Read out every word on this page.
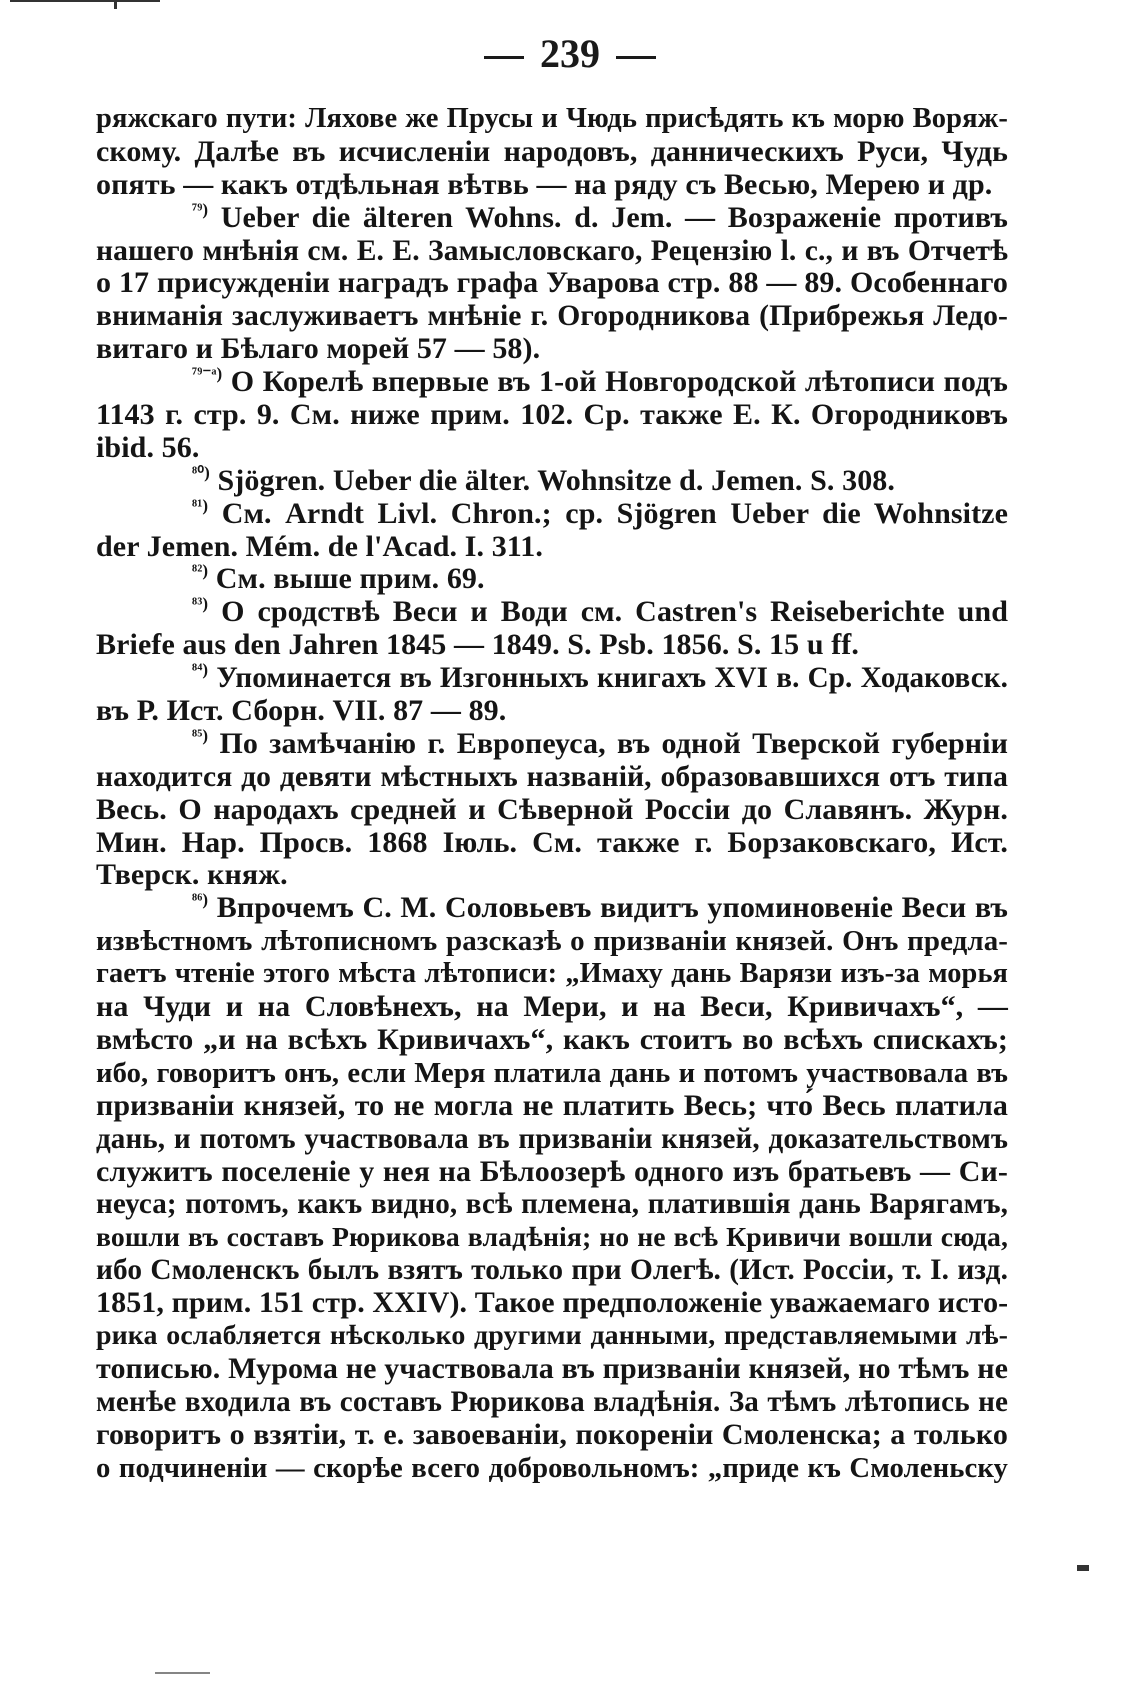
239
ряжскаго пути: Ляхове же Прусы и Чюдь присѣдять къ морю Воряж-
скому. Далѣе въ исчисленіи народовъ, данническихъ Руси, Чудь
опять — какъ отдѣльная вѣтвь — на ряду съ Весью, Мерею и др.
$^{^{79})}$ Ueber die älteren Wohns. d. Jem. — Возраженіе противъ
нашего мнѣнія см. Е. Е. Замысловскаго, Рецензію l. c., и въ Отчетѣ
о 17 присужденіи наградъ графа Уварова стр. 88 — 89. Особеннаго
вниманія заслуживаетъ мнѣніе г. Огородникова (Прибрежья Ледо-
витаго и Бѣлаго морей 57 — 58).
$^{^{79-}ᵃ)}$ О Корелѣ впервые въ 1-ой Новгородской лѣтописи подъ
1143 г. стр. 9. См. ниже прим. 102. Ср. также Е. К. Огородниковъ
ibid. 56.
$^{^{80})}$ Sjögren. Ueber die älter. Wohnsitze d. Jemen. S. 308.
$^{^{81})}$ См. Arndt Livl. Chron.; ср. Sjögren Ueber die Wohnsitze
der Jemen. Mém. de l'Acad. I. 311.
$^{^{82})}$ См. выше прим. 69.
$^{^{83})}$ О сродствѣ Веси и Води см. Castren's Reiseberichte und
Briefe aus den Jahren 1845 — 1849. S. Psb. 1856. S. 15 u ff.
$^{^{84})}$ Упоминается въ Изгонныхъ книгахъ XVI в. Ср. Ходаковск.
въ Р. Ист. Сборн. VII. 87 — 89.
$^{^{85})}$ По замѣчанію г. Европеуса, въ одной Тверской губерніи
находится до девяти мѣстныхъ названій, образовавшихся отъ типа
Весь. О народахъ средней и Сѣверной Россіи до Славянъ. Журн.
Мин. Нар. Просв. 1868 Іюль. См. также г. Борзаковскаго, Ист.
Тверск. княж.
$^{^{86})}$ Впрочемъ С. М. Соловьевъ видитъ упоминовеніе Веси въ
извѣстномъ лѣтописномъ разсказѣ о призваніи князей. Онъ предла-
гаетъ чтеніе этого мѣста лѣтописи: „Имаху дань Варязи изъ-за морья
на Чуди и на Словѣнехъ, на Мери, и на Веси, Кривичахъ“, —
вмѣсто „и на всѣхъ Кривичахъ“, какъ стоитъ во всѣхъ спискахъ;
ибо, говоритъ онъ, если Меря платила дань и потомъ участвовала въ
призваніи князей, то не могла не платить Весь; что́ Весь платила
дань, и потомъ участвовала въ призваніи князей, доказательствомъ
служитъ поселеніе у нея на Бѣлоозерѣ одного изъ братьевъ — Си-
неуса; потомъ, какъ видно, всѣ племена, платившія дань Варягамъ,
вошли въ составъ Рюрикова владѣнія; но не всѣ Кривичи вошли сюда,
ибо Смоленскъ былъ взятъ только при Олегѣ. (Ист. Россіи, т. I. изд.
1851, прим. 151 стр. XXIV). Такое предположеніе уважаемаго исто-
рика ослабляется нѣсколько другими данными, представляемыми лѣ-
тописью. Мурома не участвовала въ призваніи князей, но тѣмъ не
менѣе входила въ составъ Рюрикова владѣнія. За тѣмъ лѣтопись не
говоритъ о взятіи, т. е. завоеваніи, покореніи Смоленска; а только
о подчиненіи — скорѣе всего добровольномъ: „приде къ Смоленьску
